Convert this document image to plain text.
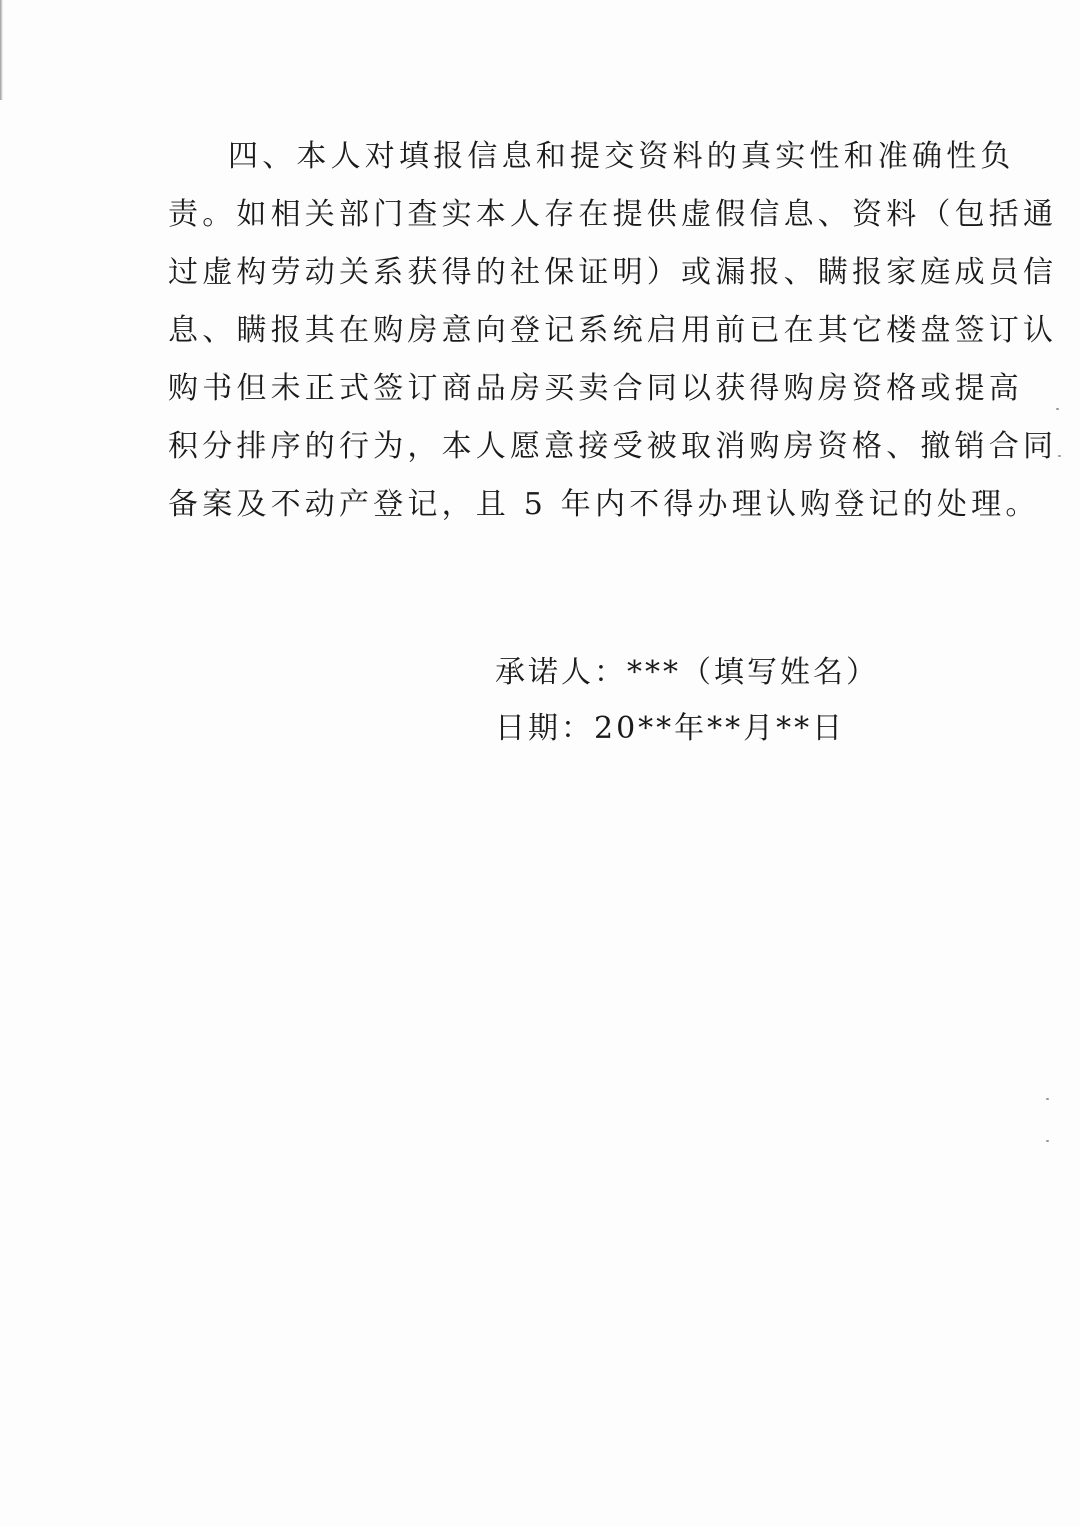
四、本人对填报信息和提交资料的真实性和准确性负
责。如相关部门查实本人存在提供虚假信息、资料（包括通
过虚构劳动关系获得的社保证明）或漏报、瞒报家庭成员信
息、瞒报其在购房意向登记系统启用前已在其它楼盘签订认
购书但未正式签订商品房买卖合同以获得购房资格或提高
积分排序的行为，本人愿意接受被取消购房资格、撤销合同
备案及不动产登记，且 5 年内不得办理认购登记的处理。
承诺人：***（填写姓名）
日期：20**年**月**日
